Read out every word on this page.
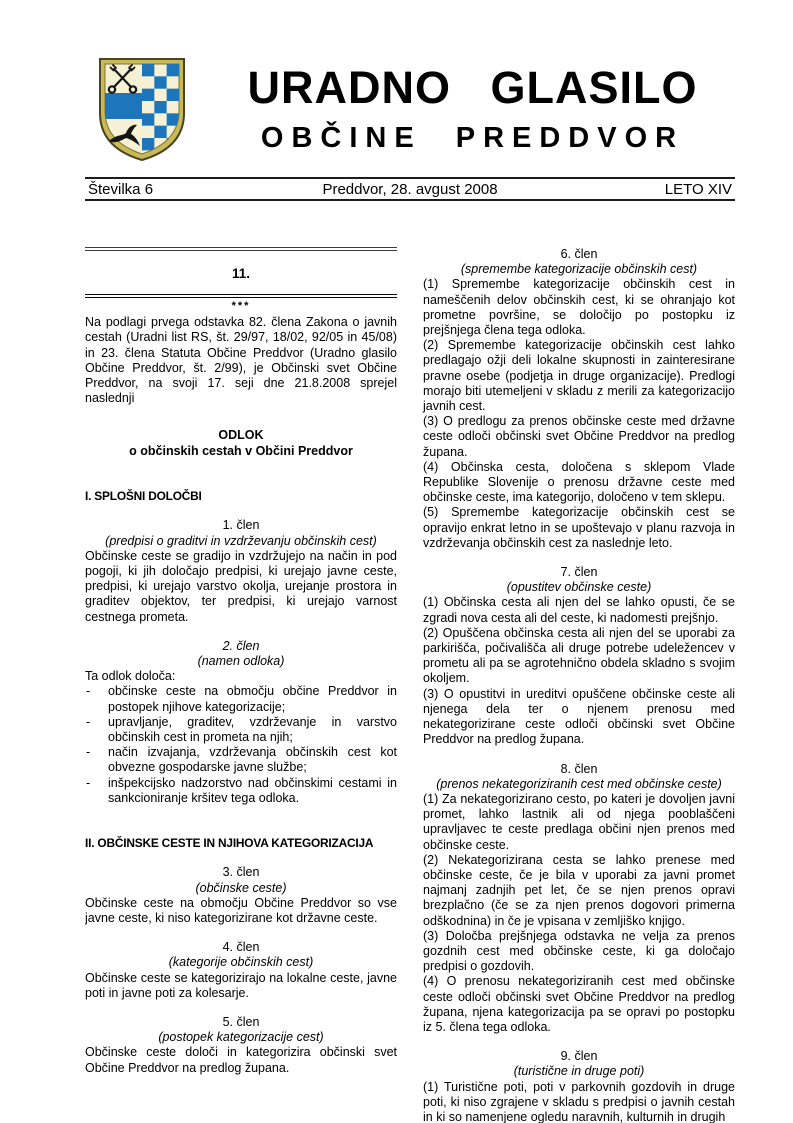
URADNO GLASILO
OBČINE PREDDVOR
Številka 6	Preddvor, 28. avgust 2008	LETO XIV
11.
***
Na podlagi prvega odstavka 82. člena Zakona o javnih cestah (Uradni list RS, št. 29/97, 18/02, 92/05 in 45/08) in 23. člena Statuta Občine Preddvor (Uradno glasilo Občine Preddvor, št. 2/99), je Občinski svet Občine Preddvor, na svoji 17. seji dne 21.8.2008 sprejel naslednji
ODLOK
o občinskih cestah v Občini Preddvor
I. SPLOŠNI DOLOČBI
1. člen
(predpisi o graditvi in vzdrževanju občinskih cest)
Občinske ceste se gradijo in vzdržujejo na način in pod pogoji, ki jih določajo predpisi, ki urejajo javne ceste, predpisi, ki urejajo varstvo okolja, urejanje prostora in graditev objektov, ter predpisi, ki urejajo varnost cestnega prometa.
2. člen
(namen odloka)
Ta odlok določa:
- občinske ceste na območju občine Preddvor in postopek njihove kategorizacije;
- upravljanje, graditev, vzdrževanje in varstvo občinskih cest in prometa na njih;
- način izvajanja, vzdrževanja občinskih cest kot obvezne gospodarske javne službe;
- inšpekcijsko nadzorstvo nad občinskimi cestami in sankcioniranje kršitev tega odloka.
II. OBČINSKE CESTE IN NJIHOVA KATEGORIZACIJA
3. člen
(občinske ceste)
Občinske ceste na območju Občine Preddvor so vse javne ceste, ki niso kategorizirane kot državne ceste.
4. člen
(kategorije občinskih cest)
Občinske ceste se kategorizirajo na lokalne ceste, javne poti in javne poti za kolesarje.
5. člen
(postopek kategorizacije cest)
Občinske ceste določi in kategorizira občinski svet Občine Preddvor na predlog župana.
6. člen
(spremembe kategorizacije občinskih cest)
(1) Spremembe kategorizacije občinskih cest in nameščenih delov občinskih cest, ki se ohranjajo kot prometne površine, se določijo po postopku iz prejšnjega člena tega odloka.
(2) Spremembe kategorizacije občinskih cest lahko predlagajo ožji deli lokalne skupnosti in zainteresirane pravne osebe (podjetja in druge organizacije). Predlogi morajo biti utemeljeni v skladu z merili za kategorizacijo javnih cest.
(3) O predlogu za prenos občinske ceste med državne ceste odloči občinski svet Občine Preddvor na predlog župana.
(4) Občinska cesta, določena s sklepom Vlade Republike Slovenije o prenosu državne ceste med občinske ceste, ima kategorijo, določeno v tem sklepu.
(5) Spremembe kategorizacije občinskih cest se opravijo enkrat letno in se upoštevajo v planu razvoja in vzdrževanja občinskih cest za naslednje leto.
7. člen
(opustitev občinske ceste)
(1) Občinska cesta ali njen del se lahko opusti, če se zgradi nova cesta ali del ceste, ki nadomesti prejšnjo.
(2) Opuščena občinska cesta ali njen del se uporabi za parkirišča, počivališča ali druge potrebe udeležencev v prometu ali pa se agrotehnično obdela skladno s svojim okoljem.
(3) O opustitvi in ureditvi opuščene občinske ceste ali njenega dela ter o njenem prenosu med nekategorizirane ceste odloči občinski svet Občine Preddvor na predlog župana.
8. člen
(prenos nekategoriziranih cest med občinske ceste)
(1) Za nekategorizirano cesto, po kateri je dovoljen javni promet, lahko lastnik ali od njega pooblaščeni upravljavec te ceste predlaga občini njen prenos med občinske ceste.
(2) Nekategorizirana cesta se lahko prenese med občinske ceste, če je bila v uporabi za javni promet najmanj zadnjih pet let, če se njen prenos opravi brezplačno (če se za njen prenos dogovori primerna odškodnina) in če je vpisana v zemljiško knjigo.
(3) Določba prejšnjega odstavka ne velja za prenos gozdnih cest med občinske ceste, ki ga določajo predpisi o gozdovih.
(4) O prenosu nekategoriziranih cest med občinske ceste odloči občinski svet Občine Preddvor na predlog župana, njena kategorizacija pa se opravi po postopku iz 5. člena tega odloka.
9. člen
(turistične in druge poti)
(1) Turistične poti, poti v parkovnih gozdovih in druge poti, ki niso zgrajene v skladu s predpisi o javnih cestah in ki so namenjene ogledu naravnih, kulturnih in drugih
